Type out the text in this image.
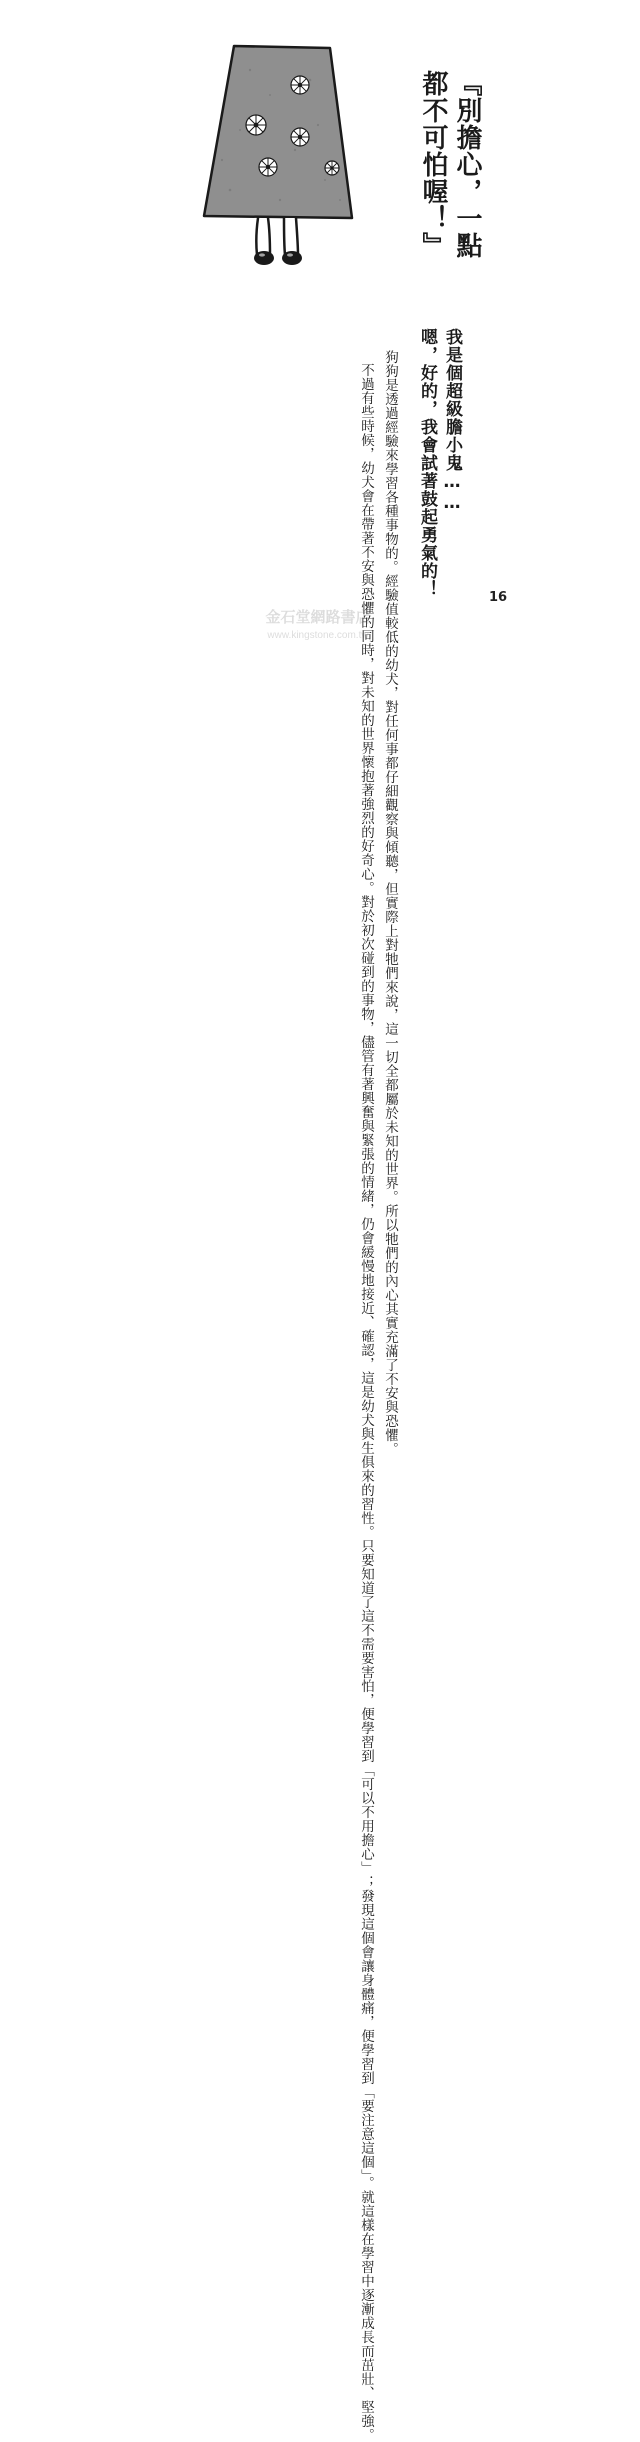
『別擔心，一點
都不可怕喔！』
我是個超級膽小鬼……
嗯，好的，我會試著鼓起勇氣的！
狗狗是透過經驗來學習各種事物的。經驗值較低的幼犬，對任何事都仔細觀察與傾聽，但實際上對牠們來說，這一切全都屬於未知的世界。所以牠們的內心其實充滿了不安與恐懼。
不過有些時候，幼犬會在帶著不安與恐懼的同時，對未知的世界懷抱著強烈的好奇心。對於初次碰到的事物，儘管有著興奮與緊張的情緒，仍會緩慢地接近、確認，這是幼犬與生俱來的習性。只要知道了這不需要害怕，便學習到「可以不用擔心」；發現這個會讓身體痛，便學習到「要注意這個」。就這樣在學習中逐漸成長而茁壯、堅強。	16
金石堂網路書店
www.kingstone.com.tw
